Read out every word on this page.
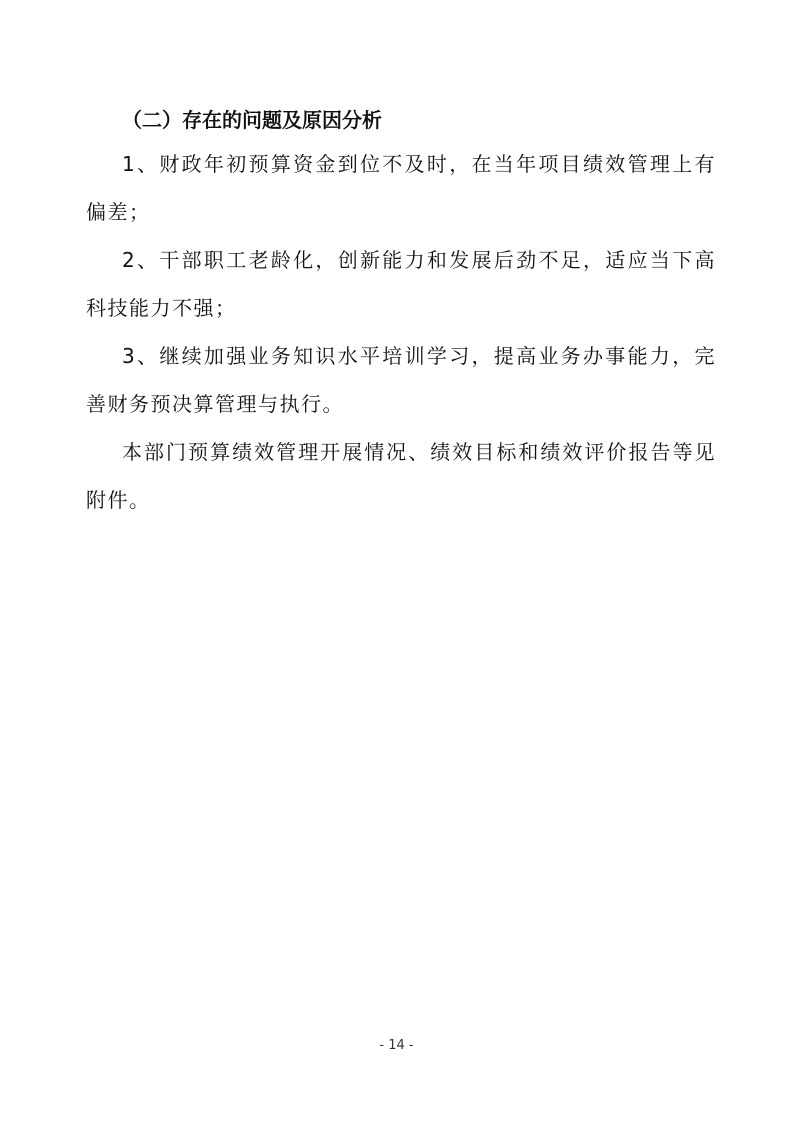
（二）存在的问题及原因分析

1、财政年初预算资金到位不及时，在当年项目绩效管理上有偏差；

2、干部职工老龄化，创新能力和发展后劲不足，适应当下高科技能力不强；

3、继续加强业务知识水平培训学习，提高业务办事能力，完善财务预决算管理与执行。

本部门预算绩效管理开展情况、绩效目标和绩效评价报告等见附件。

- 14 -
